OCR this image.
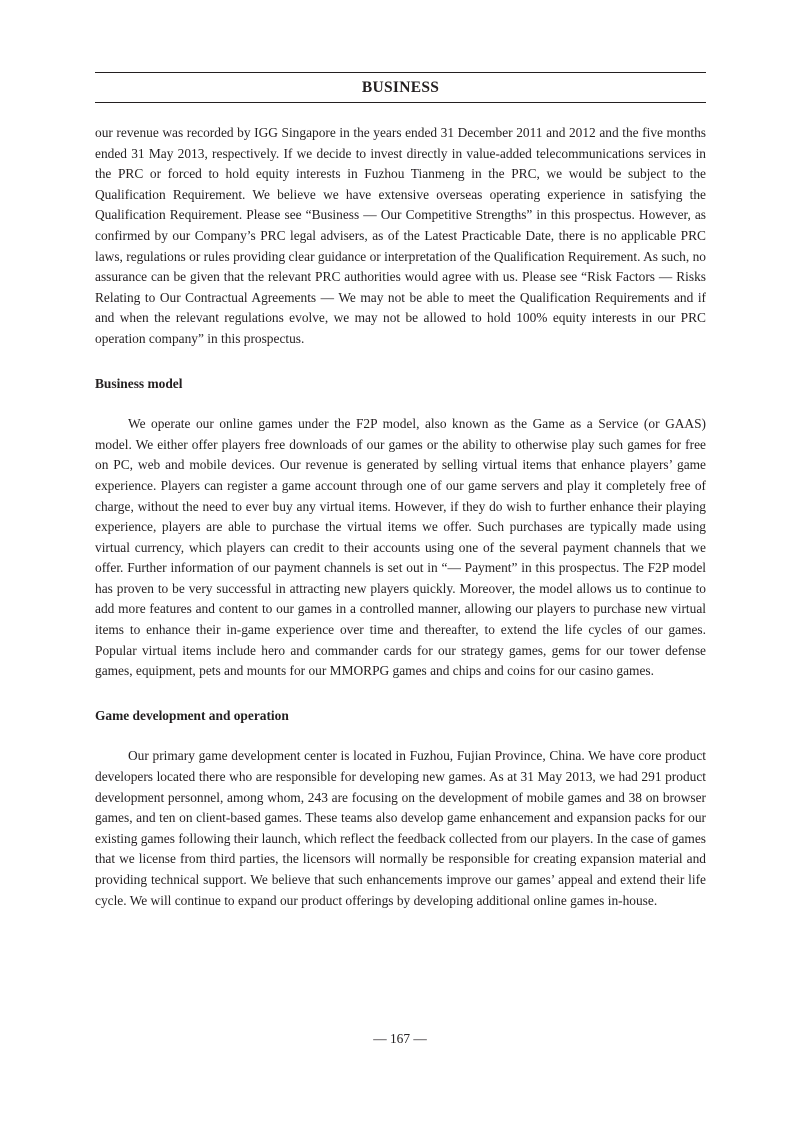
BUSINESS

our revenue was recorded by IGG Singapore in the years ended 31 December 2011 and 2012 and the five months ended 31 May 2013, respectively. If we decide to invest directly in value-added telecommunications services in the PRC or forced to hold equity interests in Fuzhou Tianmeng in the PRC, we would be subject to the Qualification Requirement. We believe we have extensive overseas operating experience in satisfying the Qualification Requirement. Please see “Business — Our Competitive Strengths” in this prospectus. However, as confirmed by our Company’s PRC legal advisers, as of the Latest Practicable Date, there is no applicable PRC laws, regulations or rules providing clear guidance or interpretation of the Qualification Requirement. As such, no assurance can be given that the relevant PRC authorities would agree with us. Please see “Risk Factors — Risks Relating to Our Contractual Agreements — We may not be able to meet the Qualification Requirements and if and when the relevant regulations evolve, we may not be allowed to hold 100% equity interests in our PRC operation company” in this prospectus.

Business model

We operate our online games under the F2P model, also known as the Game as a Service (or GAAS) model. We either offer players free downloads of our games or the ability to otherwise play such games for free on PC, web and mobile devices. Our revenue is generated by selling virtual items that enhance players’ game experience. Players can register a game account through one of our game servers and play it completely free of charge, without the need to ever buy any virtual items. However, if they do wish to further enhance their playing experience, players are able to purchase the virtual items we offer. Such purchases are typically made using virtual currency, which players can credit to their accounts using one of the several payment channels that we offer. Further information of our payment channels is set out in “— Payment” in this prospectus. The F2P model has proven to be very successful in attracting new players quickly. Moreover, the model allows us to continue to add more features and content to our games in a controlled manner, allowing our players to purchase new virtual items to enhance their in-game experience over time and thereafter, to extend the life cycles of our games. Popular virtual items include hero and commander cards for our strategy games, gems for our tower defense games, equipment, pets and mounts for our MMORPG games and chips and coins for our casino games.

Game development and operation

Our primary game development center is located in Fuzhou, Fujian Province, China. We have core product developers located there who are responsible for developing new games. As at 31 May 2013, we had 291 product development personnel, among whom, 243 are focusing on the development of mobile games and 38 on browser games, and ten on client-based games. These teams also develop game enhancement and expansion packs for our existing games following their launch, which reflect the feedback collected from our players. In the case of games that we license from third parties, the licensors will normally be responsible for creating expansion material and providing technical support. We believe that such enhancements improve our games’ appeal and extend their life cycle. We will continue to expand our product offerings by developing additional online games in-house.

— 167 —
